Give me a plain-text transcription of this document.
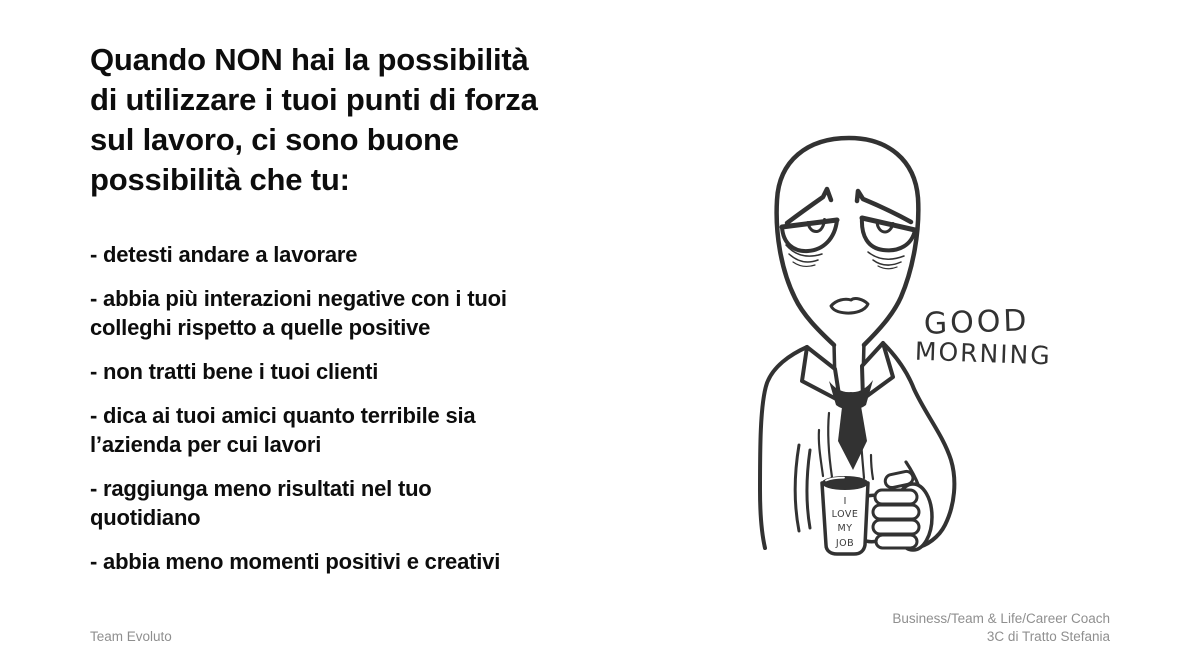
Quando NON hai la possibilità
di utilizzare i tuoi punti di forza
sul lavoro, ci sono buone
possibilità che tu:
- detesti andare a lavorare
- abbia più interazioni negative con i tuoi
colleghi rispetto a quelle positive
- non tratti bene i tuoi clienti
- dica ai tuoi amici quanto terribile sia
l’azienda per cui lavori
- raggiunga meno risultati nel tuo
quotidiano
- abbia meno momenti positivi e creativi
GOOD
MORNING
I
LOVE
MY
JOB
Team Evoluto
Business/Team & Life/Career Coach
3C di Tratto Stefania
